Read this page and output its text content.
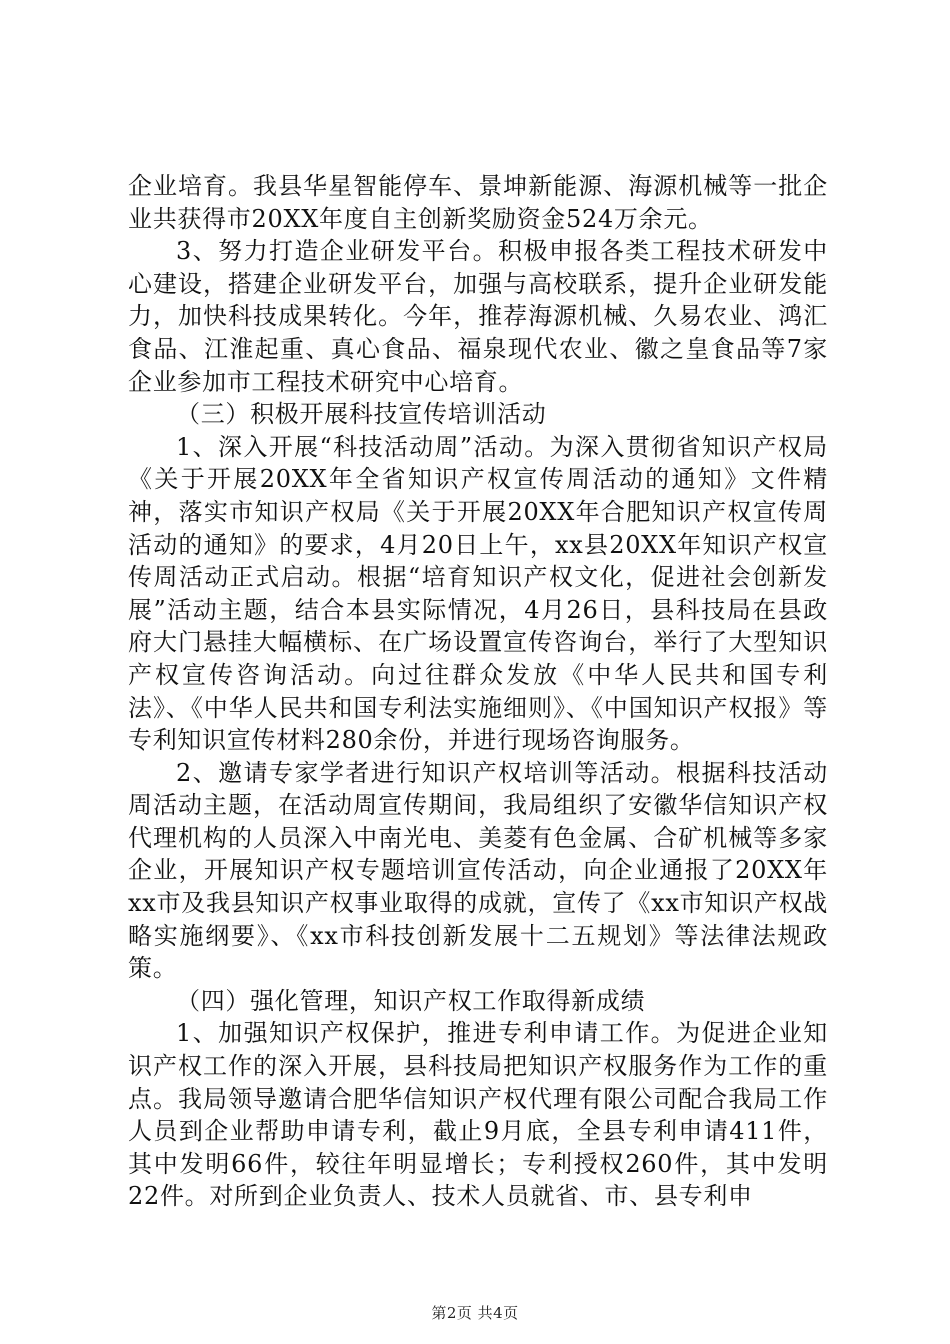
企业培育。我县华星智能停车、景坤新能源、海源机械等一批企业共获得市20XX年度自主创新奖励资金524万余元。

3、努力打造企业研发平台。积极申报各类工程技术研发中心建设，搭建企业研发平台，加强与高校联系，提升企业研发能力，加快科技成果转化。今年，推荐海源机械、久易农业、鸿汇食品、江淮起重、真心食品、福泉现代农业、徽之皇食品等7家企业参加市工程技术研究中心培育。

（三）积极开展科技宣传培训活动

1、深入开展“科技活动周”活动。为深入贯彻省知识产权局《关于开展20XX年全省知识产权宣传周活动的通知》文件精神，落实市知识产权局《关于开展20XX年合肥知识产权宣传周活动的通知》的要求，4月20日上午，xx县20XX年知识产权宣传周活动正式启动。根据“培育知识产权文化，促进社会创新发展”活动主题，结合本县实际情况，4月26日，县科技局在县政府大门悬挂大幅横标、在广场设置宣传咨询台，举行了大型知识产权宣传咨询活动。向过往群众发放《中华人民共和国专利法》、《中华人民共和国专利法实施细则》、《中国知识产权报》等专利知识宣传材料280余份，并进行现场咨询服务。

2、邀请专家学者进行知识产权培训等活动。根据科技活动周活动主题，在活动周宣传期间，我局组织了安徽华信知识产权代理机构的人员深入中南光电、美菱有色金属、合矿机械等多家企业，开展知识产权专题培训宣传活动，向企业通报了20XX年xx市及我县知识产权事业取得的成就，宣传了《xx市知识产权战略实施纲要》、《xx市科技创新发展十二五规划》等法律法规政策。

（四）强化管理，知识产权工作取得新成绩

1、加强知识产权保护，推进专利申请工作。为促进企业知识产权工作的深入开展，县科技局把知识产权服务作为工作的重点。我局领导邀请合肥华信知识产权代理有限公司配合我局工作人员到企业帮助申请专利，截止9月底，全县专利申请411件，其中发明66件，较往年明显增长；专利授权260件，其中发明22件。对所到企业负责人、技术人员就省、市、县专利申

第2页 共4页
